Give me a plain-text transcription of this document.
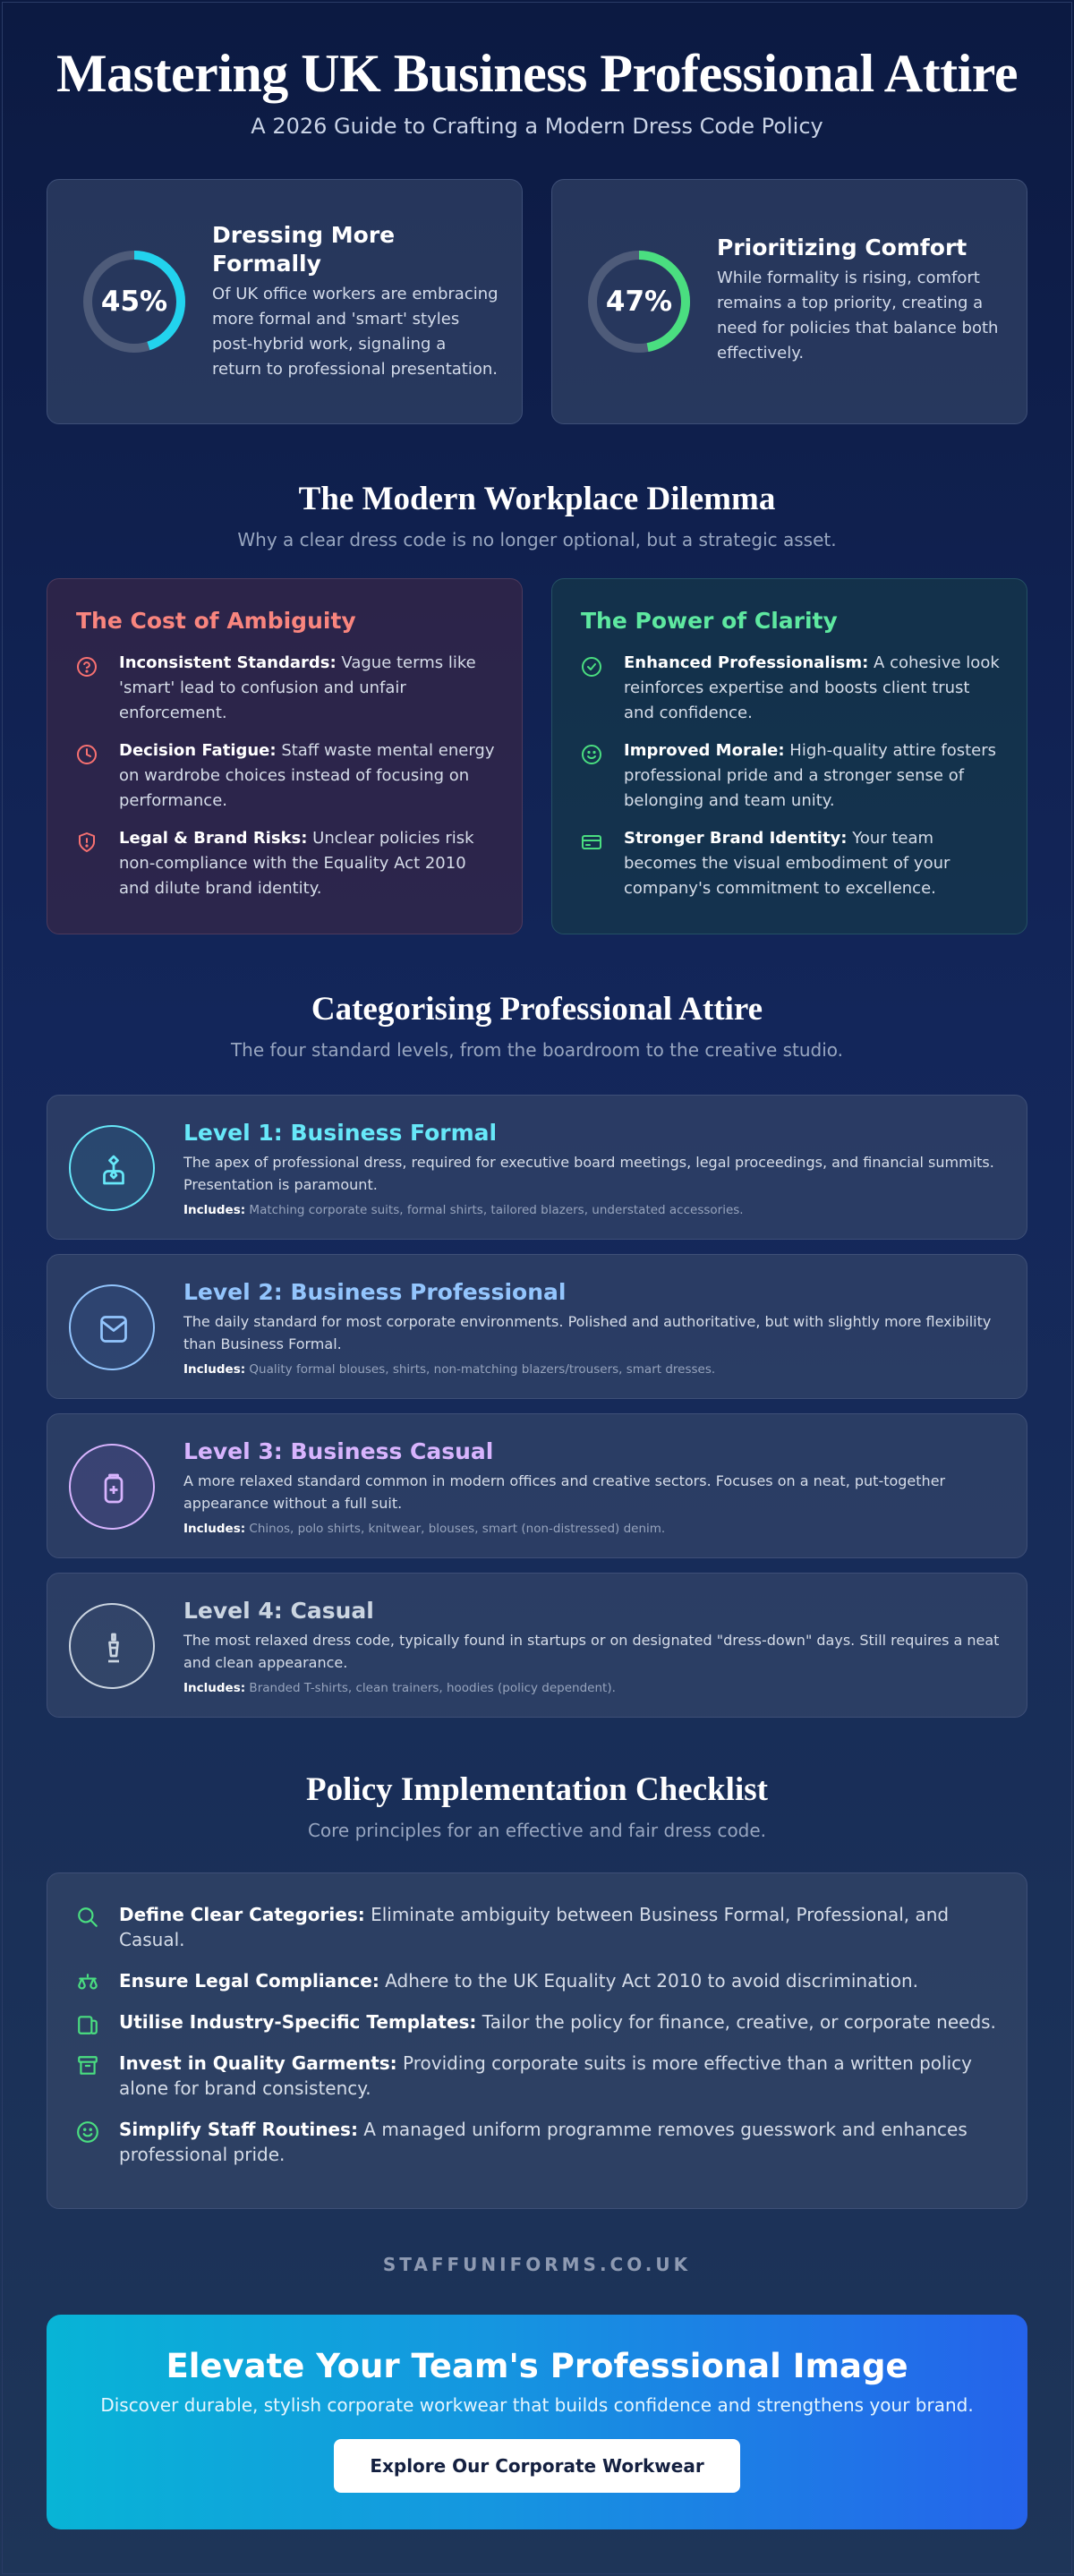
Mastering UK Business Professional Attire
A 2026 Guide to Crafting a Modern Dress Code Policy
45%
Dressing More Formally

Of UK office workers are embracing more formal and 'smart' styles post-hybrid work, signaling a return to professional presentation.

47%
Prioritizing Comfort

While formality is rising, comfort remains a top priority, creating a need for policies that balance both effectively.

The Modern Workplace Dilemma

Why a clear dress code is no longer optional, but a strategic asset.

The Cost of Ambiguity
Inconsistent Standards: Vague terms like 'smart' lead to confusion and unfair enforcement.
Decision Fatigue: Staff waste mental energy on wardrobe choices instead of focusing on performance.
Legal & Brand Risks: Unclear policies risk non-compliance with the Equality Act 2010 and dilute brand identity.
The Power of Clarity
Enhanced Professionalism: A cohesive look reinforces expertise and boosts client trust and confidence.
Improved Morale: High-quality attire fosters professional pride and a stronger sense of belonging and team unity.
Stronger Brand Identity: Your team becomes the visual embodiment of your company's commitment to excellence.
Categorising Professional Attire

The four standard levels, from the boardroom to the creative studio.

Level 1: Business Formal
The apex of professional dress, required for executive board meetings, legal proceedings, and financial summits. Presentation is paramount.
Includes: Matching corporate suits, formal shirts, tailored blazers, understated accessories.
Level 2: Business Professional
The daily standard for most corporate environments. Polished and authoritative, but with slightly more flexibility than Business Formal.
Includes: Quality formal blouses, shirts, non-matching blazers/trousers, smart dresses.
Level 3: Business Casual
A more relaxed standard common in modern offices and creative sectors. Focuses on a neat, put-together appearance without a full suit.
Includes: Chinos, polo shirts, knitwear, blouses, smart (non-distressed) denim.
Level 4: Casual
The most relaxed dress code, typically found in startups or on designated "dress-down" days. Still requires a neat and clean appearance.
Includes: Branded T-shirts, clean trainers, hoodies (policy dependent).
Policy Implementation Checklist

Core principles for an effective and fair dress code.

Define Clear Categories: Eliminate ambiguity between Business Formal, Professional, and Casual.
Ensure Legal Compliance: Adhere to the UK Equality Act 2010 to avoid discrimination.
Utilise Industry-Specific Templates: Tailor the policy for finance, creative, or corporate needs.
Invest in Quality Garments: Providing corporate suits is more effective than a written policy alone for brand consistency.
Simplify Staff Routines: A managed uniform programme removes guesswork and enhances professional pride.
STAFFUNIFORMS.CO.UK
Elevate Your Team's Professional Image

Discover durable, stylish corporate workwear that builds confidence and strengthens your brand.

Explore Our Corporate Workwear
